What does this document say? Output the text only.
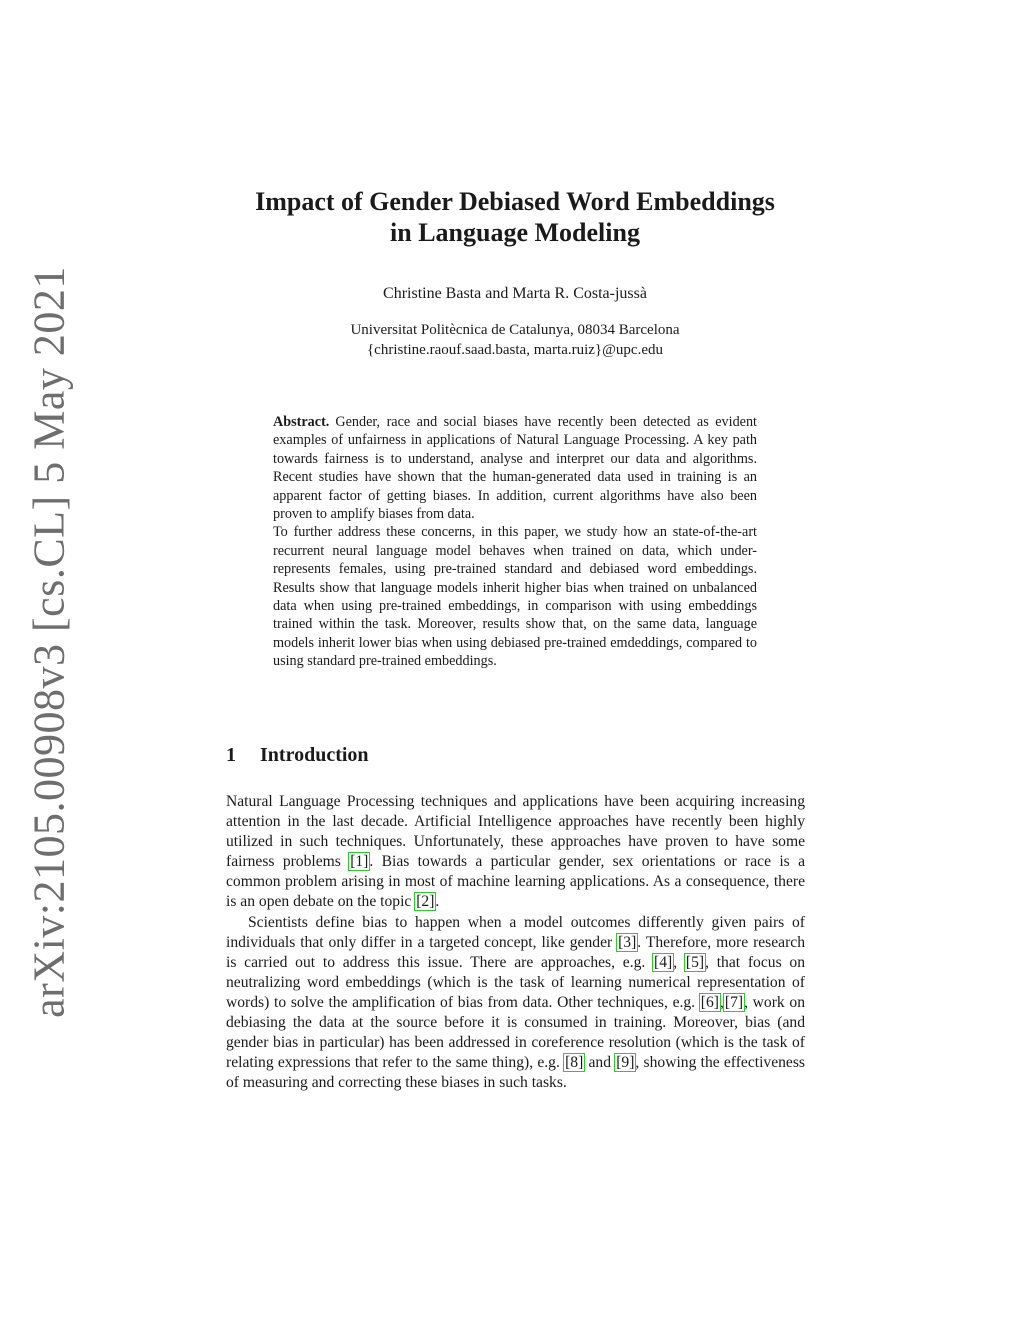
arXiv:2105.00908v3 [cs.CL] 5 May 2021
Impact of Gender Debiased Word Embeddings
in Language Modeling
Christine Basta and Marta R. Costa-jussà
Universitat Politècnica de Catalunya, 08034 Barcelona
{christine.raouf.saad.basta, marta.ruiz}@upc.edu

Abstract. Gender, race and social biases have recently been detected as evident examples of unfairness in applications of Natural Language Processing. A key path towards fairness is to understand, analyse and interpret our data and algorithms. Recent studies have shown that the human-generated data used in training is an apparent factor of getting biases. In addition, current algorithms have also been proven to amplify biases from data.

To further address these concerns, in this paper, we study how an state-of-the-art recurrent neural language model behaves when trained on data, which under-represents females, using pre-trained standard and debiased word embeddings. Results show that language models inherit higher bias when trained on unbalanced data when using pre-trained embeddings, in comparison with using embeddings trained within the task. Moreover, results show that, on the same data, language models inherit lower bias when using debiased pre-trained emdeddings, compared to using standard pre-trained embeddings.

1 Introduction

Natural Language Processing techniques and applications have been acquiring increasing attention in the last decade. Artificial Intelligence approaches have recently been highly utilized in such techniques. Unfortunately, these approaches have proven to have some fairness problems [1]. Bias towards a particular gender, sex orientations or race is a common problem arising in most of machine learning applications. As a consequence, there is an open debate on the topic [2].

Scientists define bias to happen when a model outcomes differently given pairs of individuals that only differ in a targeted concept, like gender [3]. Therefore, more research is carried out to address this issue. There are approaches, e.g. [4], [5], that focus on neutralizing word embeddings (which is the task of learning numerical representation of words) to solve the amplification of bias from data. Other techniques, e.g. [6],[7], work on debiasing the data at the source before it is consumed in training. Moreover, bias (and gender bias in particular) has been addressed in coreference resolution (which is the task of relating expressions that refer to the same thing), e.g. [8] and [9], showing the effectiveness of measuring and correcting these biases in such tasks.
